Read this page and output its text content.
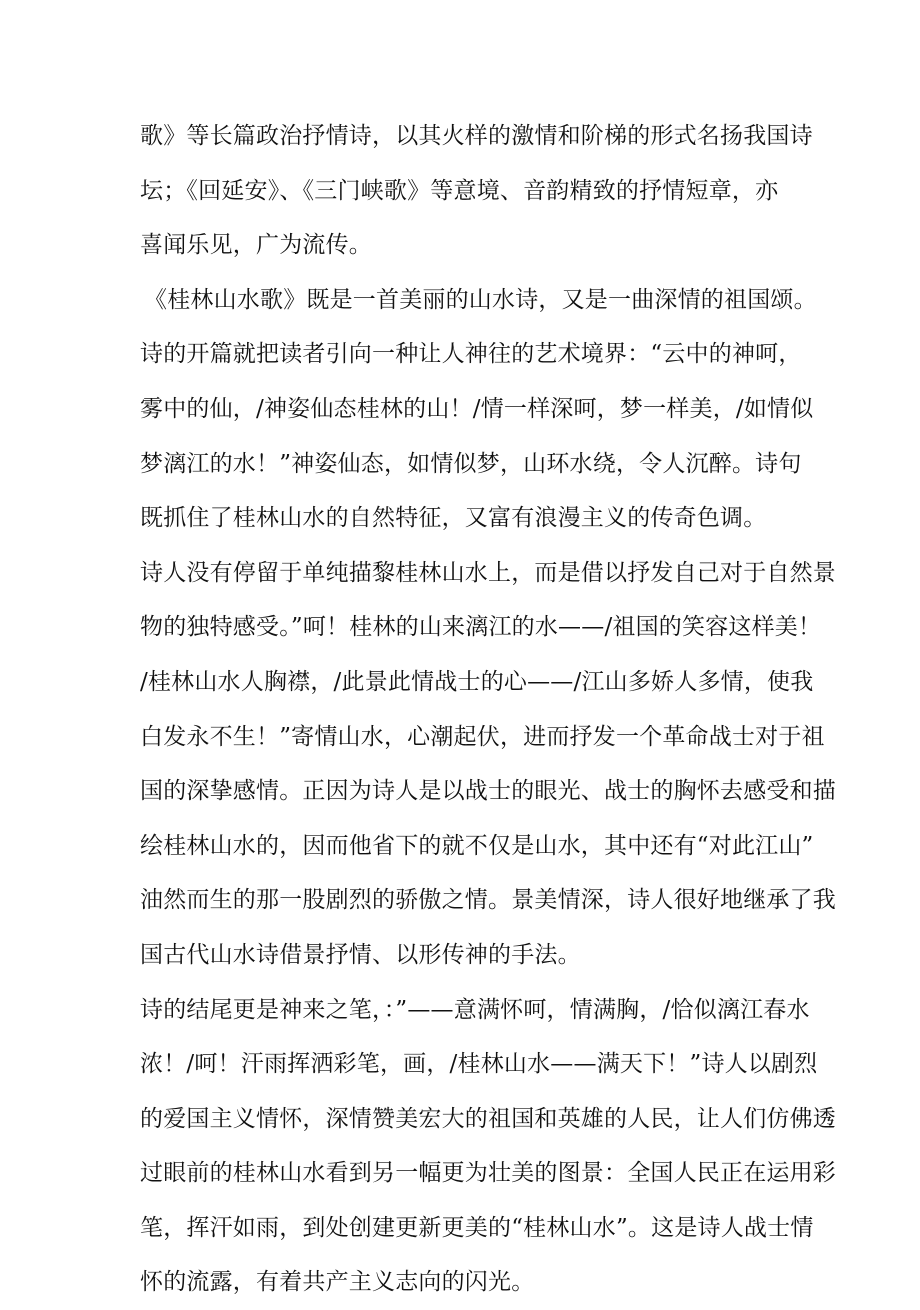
歌》等长篇政治抒情诗，以其火样的激情和阶梯的形式名扬我国诗
坛；《回延安》、《三门峡歌》等意境、音韵精致的抒情短章，亦
喜闻乐见，广为流传。
《桂林山水歌》既是一首美丽的山水诗，又是一曲深情的祖国颂。
诗的开篇就把读者引向一种让人神往的艺术境界：“云中的神呵，
雾中的仙，/神姿仙态桂林的山！/情一样深呵，梦一样美，/如情似
梦漓江的水！”神姿仙态，如情似梦，山环水绕，令人沉醉。诗句
既抓住了桂林山水的自然特征，又富有浪漫主义的传奇色调。
诗人没有停留于单纯描黎桂林山水上，而是借以抒发自己对于自然景
物的独特感受。”呵！桂林的山来漓江的水——/祖国的笑容这样美！
/桂林山水人胸襟，/此景此情战士的心——/江山多娇人多情，使我
白发永不生！”寄情山水，心潮起伏，进而抒发一个革命战士对于祖
国的深挚感情。正因为诗人是以战士的眼光、战士的胸怀去感受和描
绘桂林山水的，因而他省下的就不仅是山水，其中还有“对此江山”
油然而生的那一股剧烈的骄傲之情。景美情深，诗人很好地继承了我
国古代山水诗借景抒情、以形传神的手法。
诗的结尾更是神来之笔，：”——意满怀呵，情满胸，/恰似漓江春水
浓！/呵！汗雨挥洒彩笔，画，/桂林山水——满天下！”诗人以剧烈
的爱国主义情怀，深情赞美宏大的祖国和英雄的人民，让人们仿佛透
过眼前的桂林山水看到另一幅更为壮美的图景：全国人民正在运用彩
笔，挥汗如雨，到处创建更新更美的“桂林山水”。这是诗人战士情
怀的流露，有着共产主义志向的闪光。
